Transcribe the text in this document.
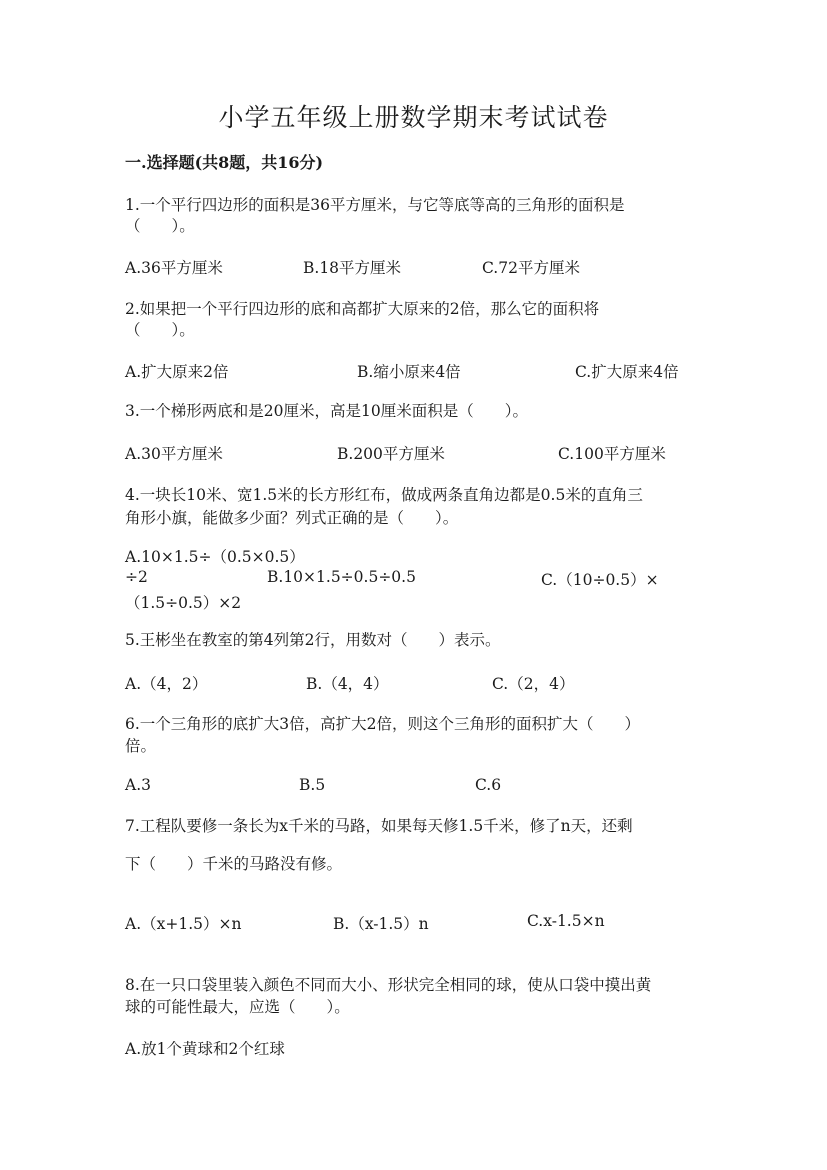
小学五年级上册数学期末考试试卷
一.选择题(共8题，共16分)
1.一个平行四边形的面积是36平方厘米，与它等底等高的三角形的面积是
（　　）。
A.36平方厘米	B.18平方厘米	C.72平方厘米
2.如果把一个平行四边形的底和高都扩大原来的2倍，那么它的面积将
（　　）。
A.扩大原来2倍	B.缩小原来4倍	C.扩大原来4倍
3.一个梯形两底和是20厘米，高是10厘米面积是（　　）。
A.30平方厘米	B.200平方厘米	C.100平方厘米
4.一块长10米、宽1.5米的长方形红布，做成两条直角边都是0.5米的直角三
角形小旗，能做多少面？列式正确的是（　　）。
A.10×1.5÷（0.5×0.5）
÷2	B.10×1.5÷0.5÷0.5	C.（10÷0.5）×
（1.5÷0.5）×2
5.王彬坐在教室的第4列第2行，用数对（　　）表示。
A.（4，2）	B.（4，4）	C.（2，4）
6.一个三角形的底扩大3倍，高扩大2倍，则这个三角形的面积扩大（　　）
倍。
A.3	B.5	C.6
7.工程队要修一条长为x千米的马路，如果每天修1.5千米，修了n天，还剩
下（　　）千米的马路没有修。
A.（x+1.5）×n	B.（x-1.5）n	C.x-1.5×n
8.在一只口袋里装入颜色不同而大小、形状完全相同的球，使从口袋中摸出黄
球的可能性最大，应选（　　）。
A.放1个黄球和2个红球
